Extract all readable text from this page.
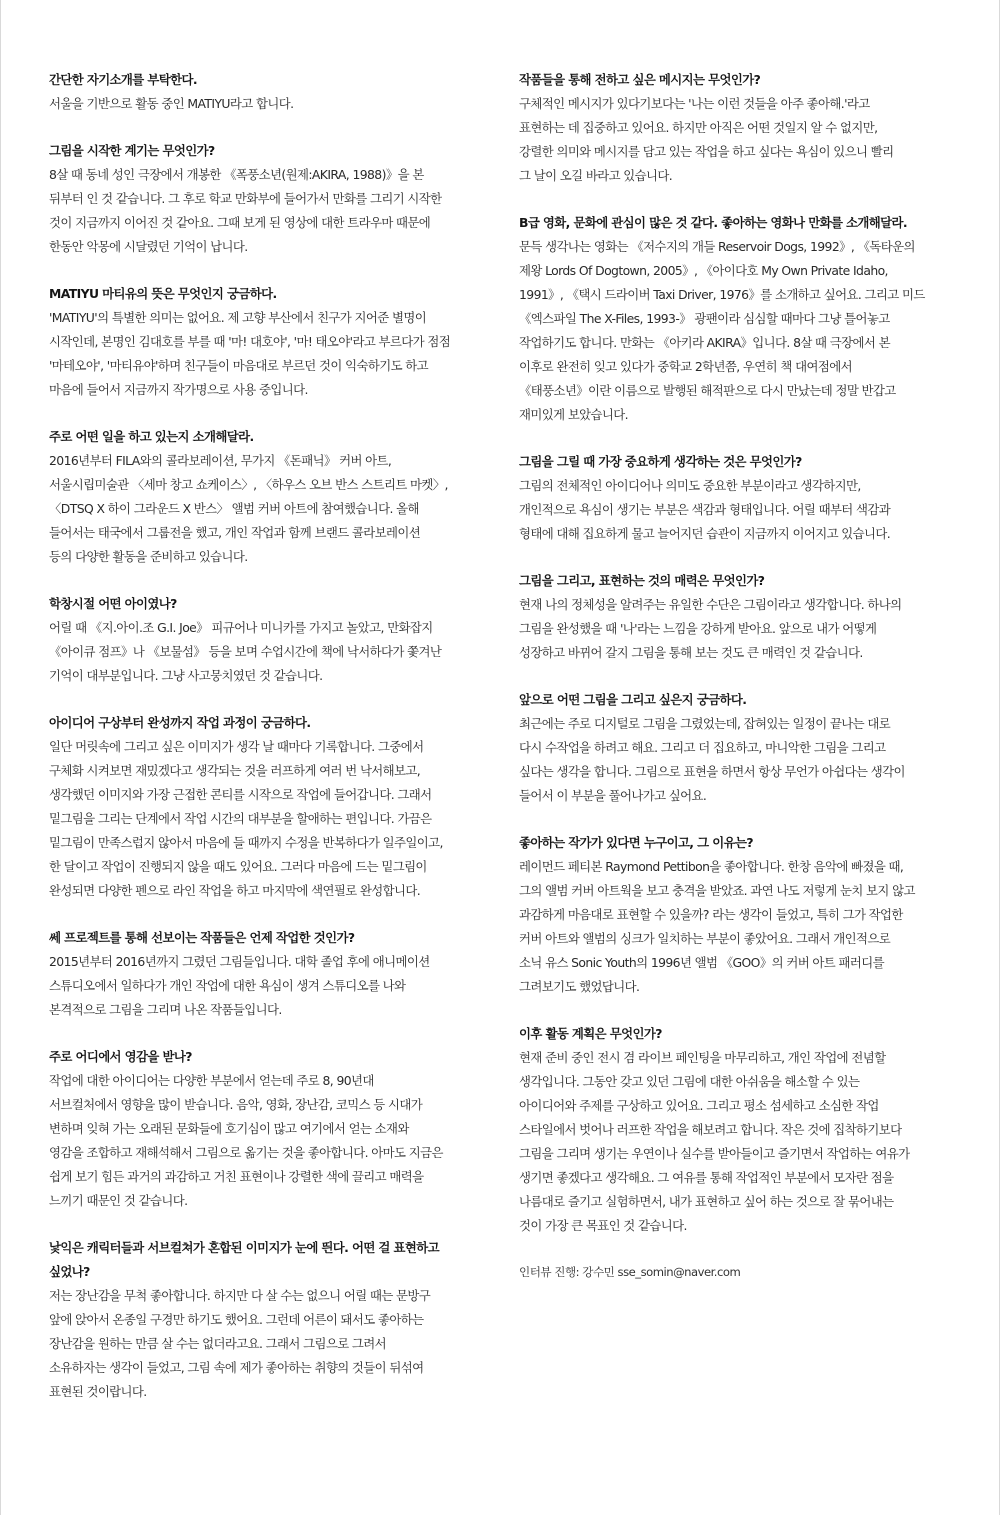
간단한 자기소개를 부탁한다.

서울을 기반으로 활동 중인 MATIYU라고 합니다.

그림을 시작한 계기는 무엇인가?

8살 때 동네 성인 극장에서 개봉한 《폭풍소년(원제:AKIRA, 1988)》을 본
뒤부터 인 것 같습니다. 그 후로 학교 만화부에 들어가서 만화를 그리기 시작한
것이 지금까지 이어진 것 같아요. 그때 보게 된 영상에 대한 트라우마 때문에
한동안 악몽에 시달렸던 기억이 납니다.

MATIYU 마티유의 뜻은 무엇인지 궁금하다.

'MATIYU'의 특별한 의미는 없어요. 제 고향 부산에서 친구가 지어준 별명이
시작인데, 본명인 김대호를 부를 때 '마! 대호야', '마! 태오야'라고 부르다가 점점
'마테오야', '마티유야'하며 친구들이 마음대로 부르던 것이 익숙하기도 하고
마음에 들어서 지금까지 작가명으로 사용 중입니다.

주로 어떤 일을 하고 있는지 소개해달라.

2016년부터 FILA와의 콜라보레이션, 무가지 《돈패닉》 커버 아트,
서울시립미술관 〈세마 창고 쇼케이스〉, 〈하우스 오브 반스 스트리트 마켓〉,
〈DTSQ X 하이 그라운드 X 반스〉 앨범 커버 아트에 참여했습니다. 올해
들어서는 태국에서 그룹전을 했고, 개인 작업과 함께 브랜드 콜라보레이션
등의 다양한 활동을 준비하고 있습니다.

학창시절 어떤 아이였나?

어릴 때 《지.아이.조 G.I. Joe》 피규어나 미니카를 가지고 놀았고, 만화잡지
《아이큐 점프》나 《보물섬》 등을 보며 수업시간에 책에 낙서하다가 쫓겨난
기억이 대부분입니다. 그냥 사고뭉치였던 것 같습니다.

아이디어 구상부터 완성까지 작업 과정이 궁금하다.

일단 머릿속에 그리고 싶은 이미지가 생각 날 때마다 기록합니다. 그중에서
구체화 시켜보면 재밌겠다고 생각되는 것을 러프하게 여러 번 낙서해보고,
생각했던 이미지와 가장 근접한 콘티를 시작으로 작업에 들어갑니다. 그래서
밑그림을 그리는 단계에서 작업 시간의 대부분을 할애하는 편입니다. 가끔은
밑그림이 만족스럽지 않아서 마음에 들 때까지 수정을 반복하다가 일주일이고,
한 달이고 작업이 진행되지 않을 때도 있어요. 그러다 마음에 드는 밑그림이
완성되면 다양한 펜으로 라인 작업을 하고 마지막에 색연필로 완성합니다.

쎄 프로젝트를 통해 선보이는 작품들은 언제 작업한 것인가?

2015년부터 2016년까지 그렸던 그림들입니다. 대학 졸업 후에 애니메이션
스튜디오에서 일하다가 개인 작업에 대한 욕심이 생겨 스튜디오를 나와
본격적으로 그림을 그리며 나온 작품들입니다.

주로 어디에서 영감을 받나?

작업에 대한 아이디어는 다양한 부분에서 얻는데 주로 8, 90년대
서브컬처에서 영향을 많이 받습니다. 음악, 영화, 장난감, 코믹스 등 시대가
변하며 잊혀 가는 오래된 문화들에 호기심이 많고 여기에서 얻는 소재와
영감을 조합하고 재해석해서 그림으로 옮기는 것을 좋아합니다. 아마도 지금은
쉽게 보기 힘든 과거의 과감하고 거친 표현이나 강렬한 색에 끌리고 매력을
느끼기 때문인 것 같습니다.

낯익은 캐릭터들과 서브컬쳐가 혼합된 이미지가 눈에 띈다. 어떤 걸 표현하고
싶었나?

저는 장난감을 무척 좋아합니다. 하지만 다 살 수는 없으니 어릴 때는 문방구
앞에 앉아서 온종일 구경만 하기도 했어요. 그런데 어른이 돼서도 좋아하는
장난감을 원하는 만큼 살 수는 없더라고요. 그래서 그림으로 그려서
소유하자는 생각이 들었고, 그림 속에 제가 좋아하는 취향의 것들이 뒤섞여
표현된 것이랍니다.

작품들을 통해 전하고 싶은 메시지는 무엇인가?

구체적인 메시지가 있다기보다는 '나는 이런 것들을 아주 좋아해.'라고
표현하는 데 집중하고 있어요. 하지만 아직은 어떤 것일지 알 수 없지만,
강렬한 의미와 메시지를 담고 있는 작업을 하고 싶다는 욕심이 있으니 빨리
그 날이 오길 바라고 있습니다.

B급 영화, 문화에 관심이 많은 것 같다. 좋아하는 영화나 만화를 소개해달라.

문득 생각나는 영화는 《저수지의 개들 Reservoir Dogs, 1992》, 《독타운의
제왕 Lords Of Dogtown, 2005》, 《아이다호 My Own Private Idaho,
1991》, 《택시 드라이버 Taxi Driver, 1976》를 소개하고 싶어요. 그리고 미드
《엑스파일 The X-Files, 1993-》 광팬이라 심심할 때마다 그냥 틀어놓고
작업하기도 합니다. 만화는 《아키라 AKIRA》입니다. 8살 때 극장에서 본
이후로 완전히 잊고 있다가 중학교 2학년쯤, 우연히 책 대여점에서
《태풍소년》이란 이름으로 발행된 해적판으로 다시 만났는데 정말 반갑고
재미있게 보았습니다.

그림을 그릴 때 가장 중요하게 생각하는 것은 무엇인가?

그림의 전체적인 아이디어나 의미도 중요한 부분이라고 생각하지만,
개인적으로 욕심이 생기는 부분은 색감과 형태입니다. 어릴 때부터 색감과
형태에 대해 집요하게 물고 늘어지던 습관이 지금까지 이어지고 있습니다.

그림을 그리고, 표현하는 것의 매력은 무엇인가?

현재 나의 정체성을 알려주는 유일한 수단은 그림이라고 생각합니다. 하나의
그림을 완성했을 때 '나'라는 느낌을 강하게 받아요. 앞으로 내가 어떻게
성장하고 바뀌어 갈지 그림을 통해 보는 것도 큰 매력인 것 같습니다.

앞으로 어떤 그림을 그리고 싶은지 궁금하다.

최근에는 주로 디지털로 그림을 그렸었는데, 잡혀있는 일정이 끝나는 대로
다시 수작업을 하려고 해요. 그리고 더 집요하고, 마니악한 그림을 그리고
싶다는 생각을 합니다. 그림으로 표현을 하면서 항상 무언가 아쉽다는 생각이
들어서 이 부분을 풀어나가고 싶어요.

좋아하는 작가가 있다면 누구이고, 그 이유는?

레이먼드 페티본 Raymond Pettibon을 좋아합니다. 한창 음악에 빠졌을 때,
그의 앨범 커버 아트웍을 보고 충격을 받았죠. 과연 나도 저렇게 눈치 보지 않고
과감하게 마음대로 표현할 수 있을까? 라는 생각이 들었고, 특히 그가 작업한
커버 아트와 앨범의 싱크가 일치하는 부분이 좋았어요. 그래서 개인적으로
소닉 유스 Sonic Youth의 1996년 앨범 《GOO》의 커버 아트 패러디를
그려보기도 했었답니다.

이후 활동 계획은 무엇인가?

현재 준비 중인 전시 겸 라이브 페인팅을 마무리하고, 개인 작업에 전념할
생각입니다. 그동안 갖고 있던 그림에 대한 아쉬움을 해소할 수 있는
아이디어와 주제를 구상하고 있어요. 그리고 평소 섬세하고 소심한 작업
스타일에서 벗어나 러프한 작업을 해보려고 합니다. 작은 것에 집착하기보다
그림을 그리며 생기는 우연이나 실수를 받아들이고 즐기면서 작업하는 여유가
생기면 좋겠다고 생각해요. 그 여유를 통해 작업적인 부분에서 모자란 점을
나름대로 즐기고 실험하면서, 내가 표현하고 싶어 하는 것으로 잘 묶어내는
것이 가장 큰 목표인 것 같습니다.

인터뷰 진행: 강수민 sse_somin@naver.com
